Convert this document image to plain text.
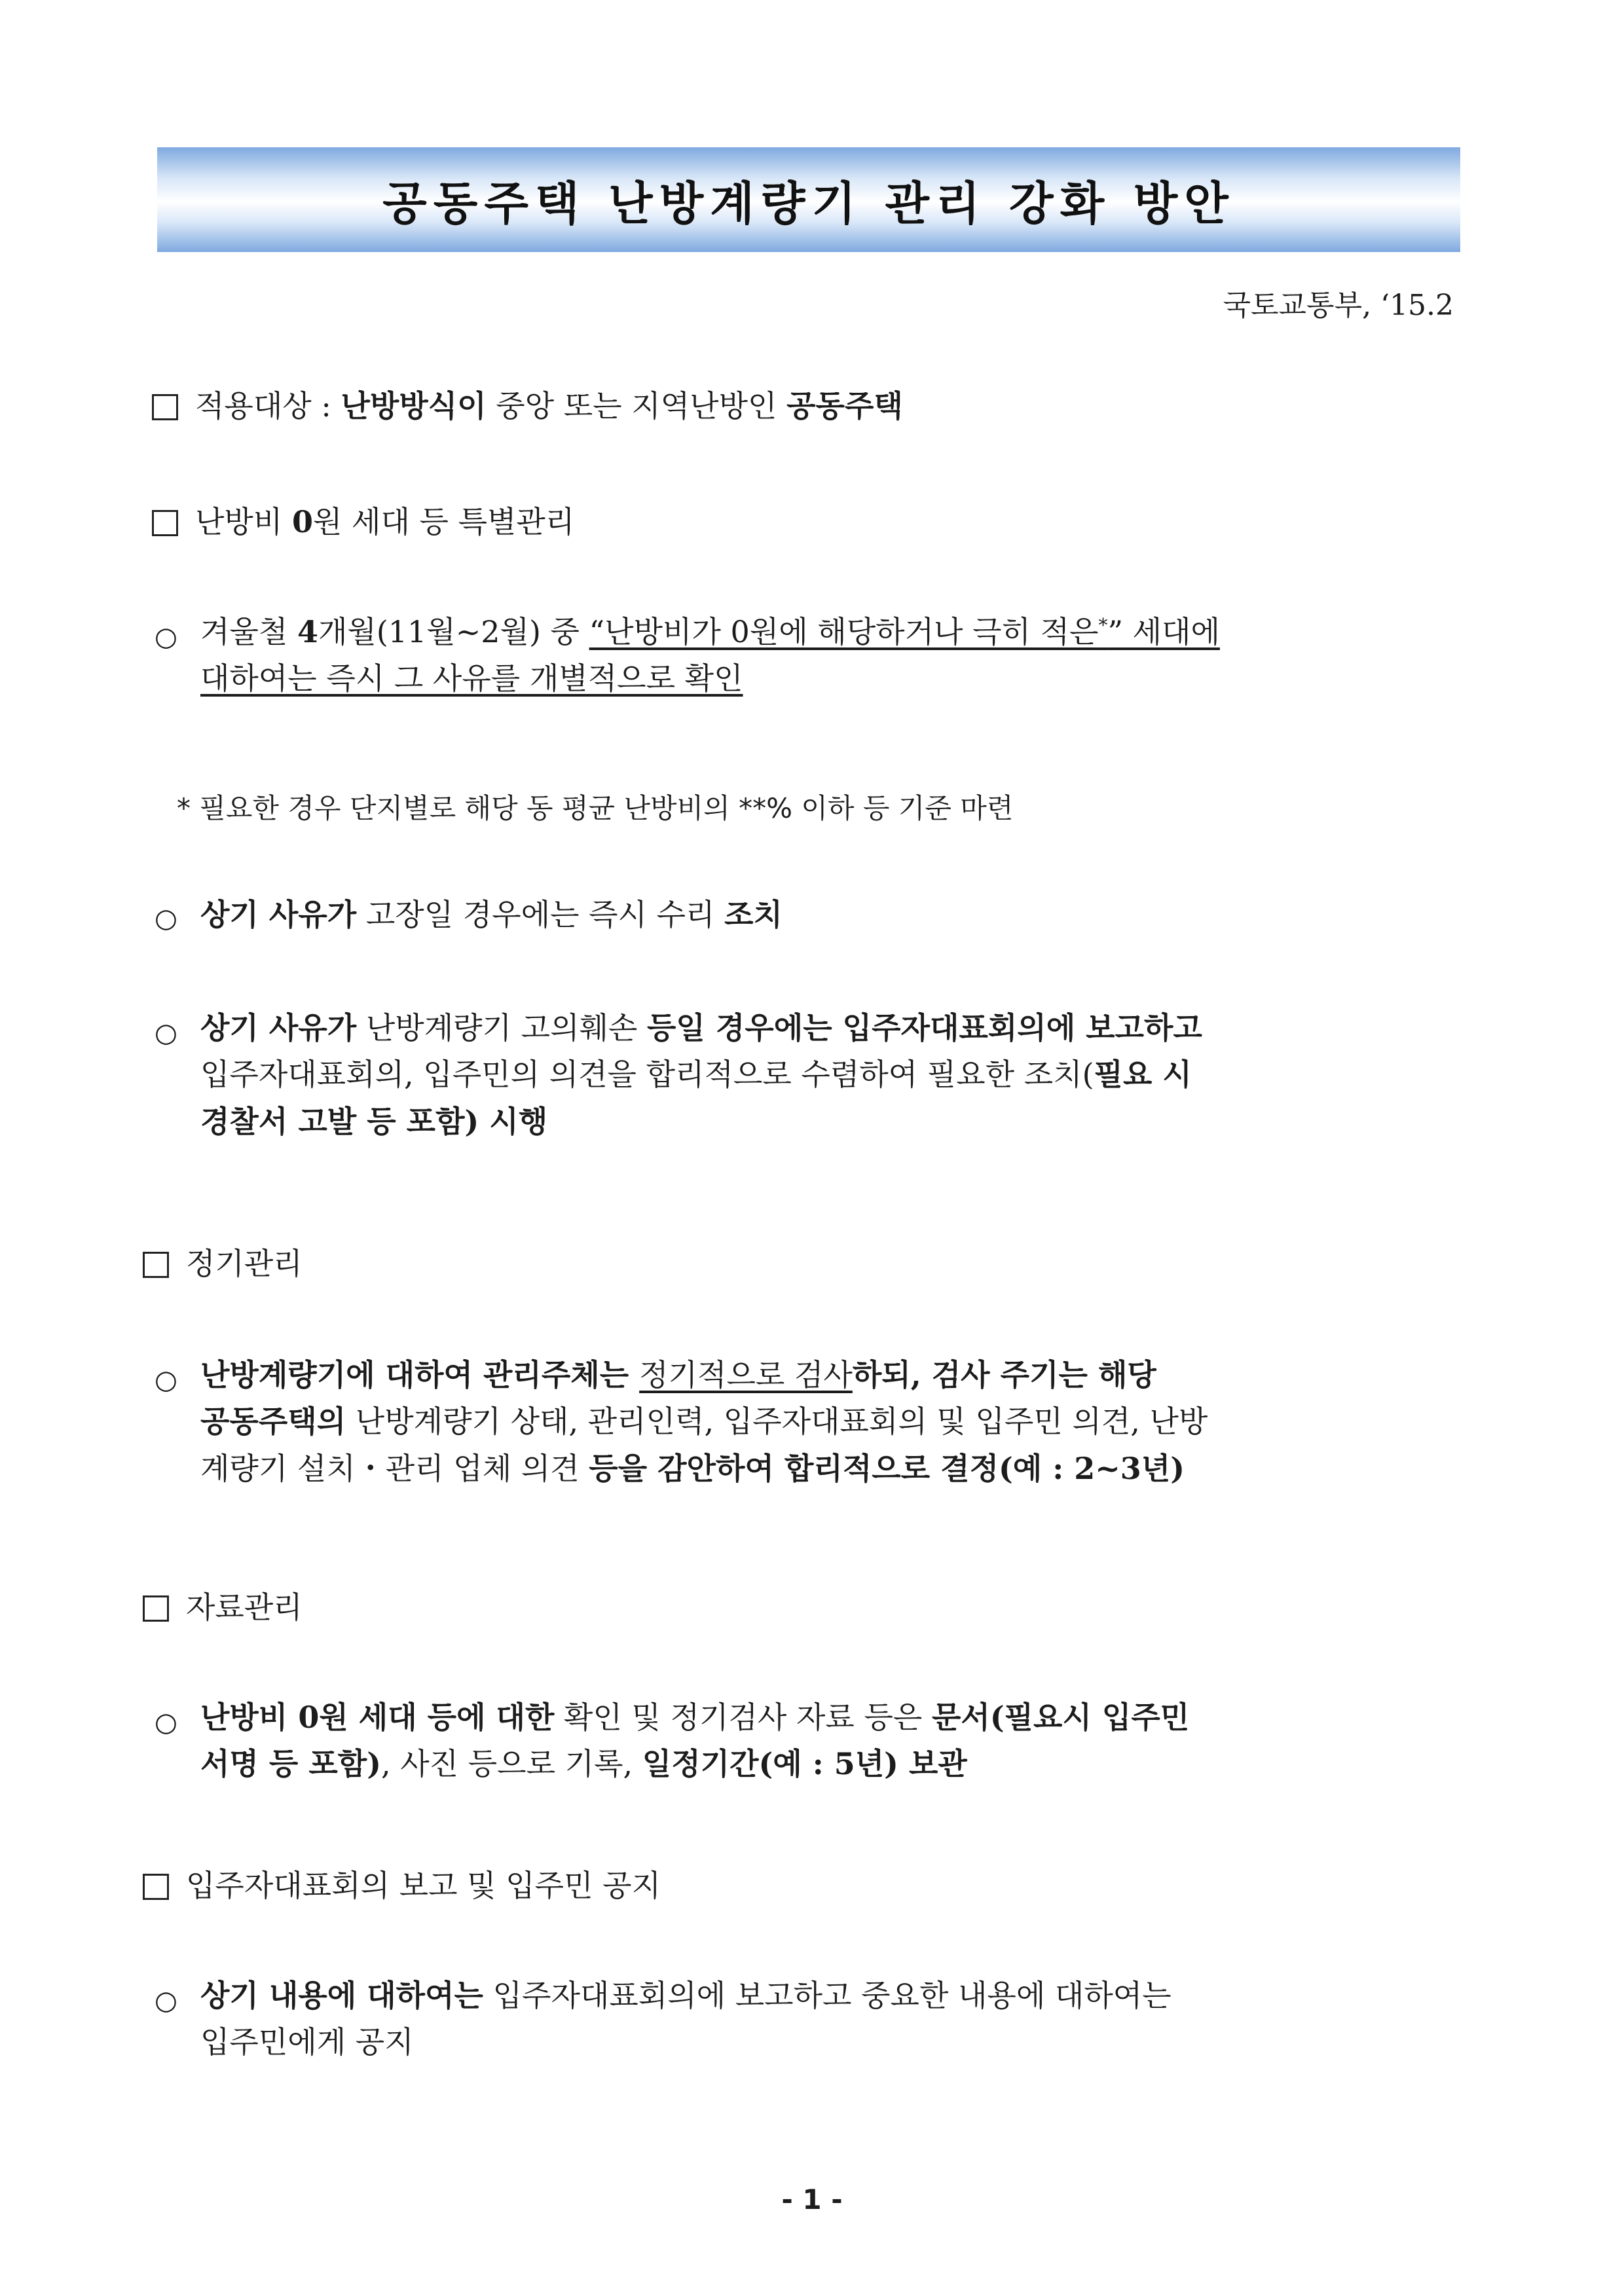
공동주택 난방계량기 관리 강화 방안
국토교통부, ‘15.2
적용대상 : 난방방식이 중앙 또는 지역난방인 공동주택
난방비 0원 세대 등 특별관리
○ 겨울철 4개월(11월~2월) 중 “난방비가 0원에 해당하거나 극히 적은*” 세대에
대하여는 즉시 그 사유를 개별적으로 확인
* 필요한 경우 단지별로 해당 동 평균 난방비의 **% 이하 등 기준 마련
○ 상기 사유가 고장일 경우에는 즉시 수리 조치
○ 상기 사유가 난방계량기 고의훼손 등일 경우에는 입주자대표회의에 보고하고
입주자대표회의, 입주민의 의견을 합리적으로 수렴하여 필요한 조치(필요 시
경찰서 고발 등 포함) 시행
정기관리
○ 난방계량기에 대하여 관리주체는 정기적으로 검사하되, 검사 주기는 해당
공동주택의 난방계량기 상태, 관리인력, 입주자대표회의 및 입주민 의견, 난방
계량기 설치・관리 업체 의견 등을 감안하여 합리적으로 결정(예 : 2~3년)
자료관리
○ 난방비 0원 세대 등에 대한 확인 및 정기검사 자료 등은 문서(필요시 입주민
서명 등 포함), 사진 등으로 기록, 일정기간(예 : 5년) 보관
입주자대표회의 보고 및 입주민 공지
○ 상기 내용에 대하여는 입주자대표회의에 보고하고 중요한 내용에 대하여는
입주민에게 공지
- 1 -
